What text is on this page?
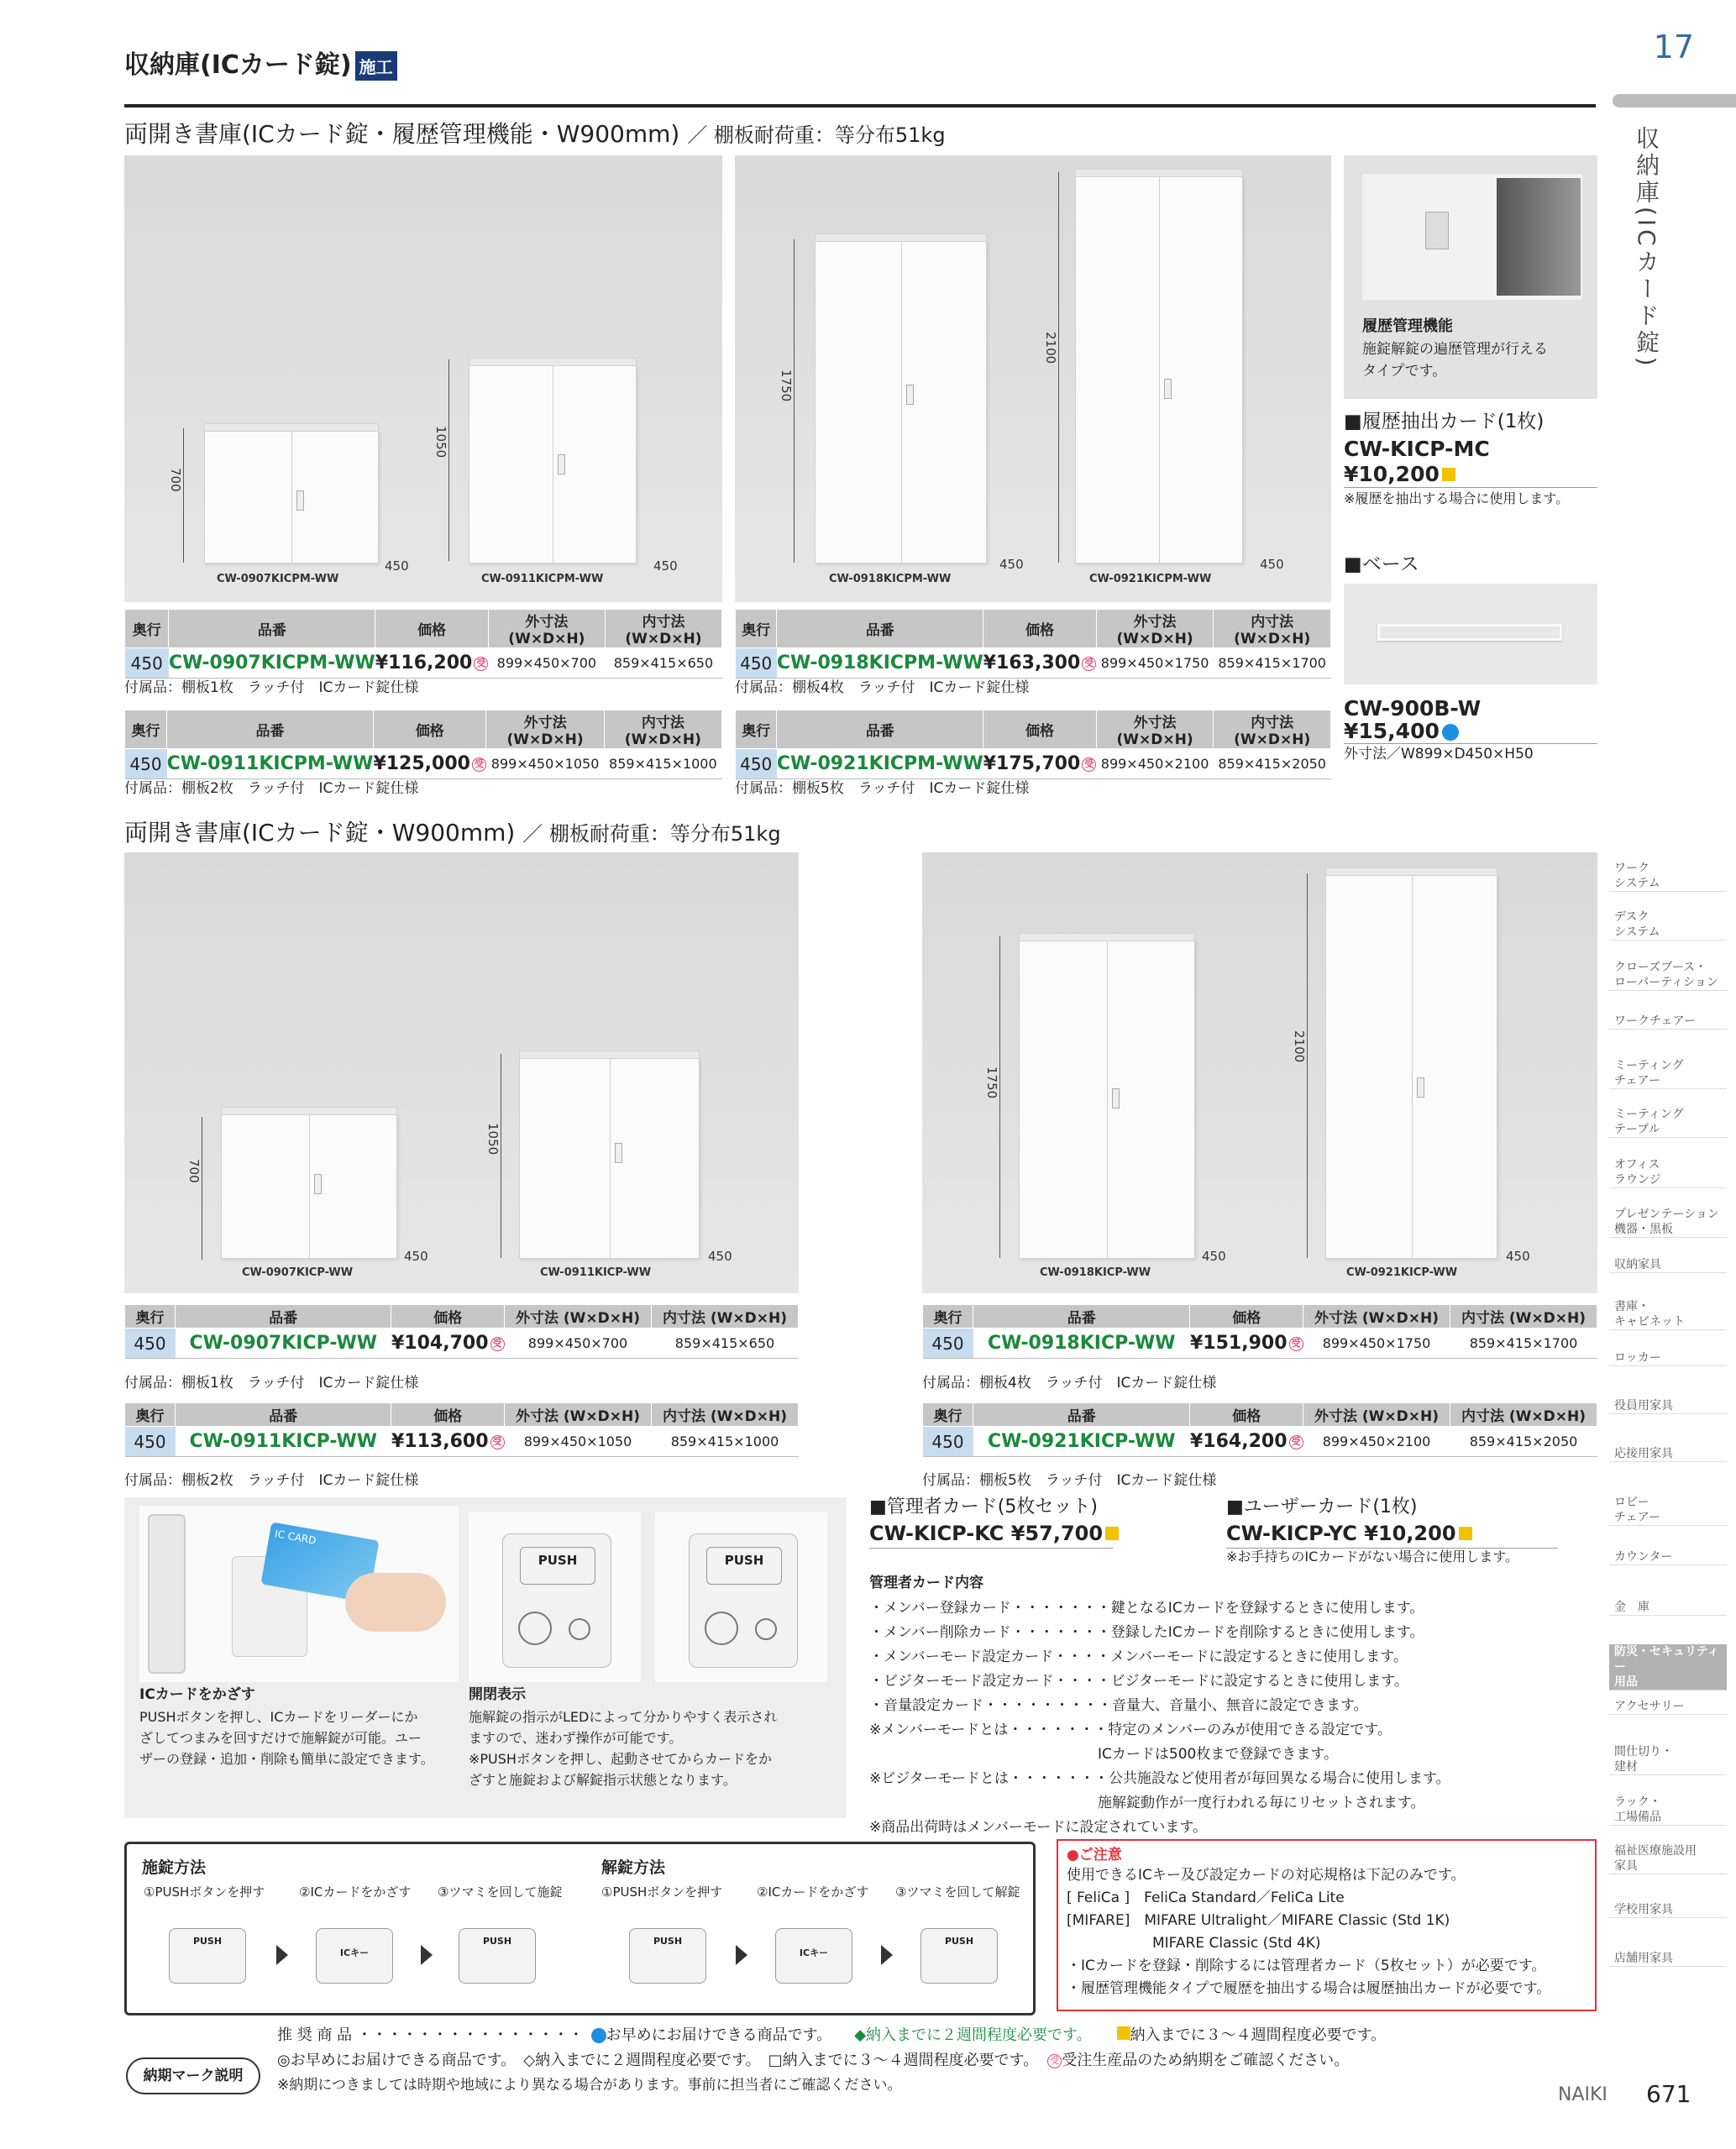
収納庫(ICカード錠) 施工
17
収納庫(ICカード錠)
ワーク
システム
デスク
システム
クローズブース・
ローパーティション
ワークチェアー
ミーティング
チェアー
ミーティング
テーブル
オフィス
ラウンジ
プレゼンテーション
機器・黒板
収納家具
書庫・
キャビネット
ロッカー
役員用家具
応接用家具
ロビー
チェアー
カウンター
金　庫
防災・セキュリティー
用品
アクセサリー
間仕切り・
建材
ラック・
工場備品
福祉医療施設用
家具
学校用家具
店舗用家具
両開き書庫(ICカード錠・履歴管理機能・W900mm) ／ 棚板耐荷重：等分布51kg
700
450
CW-0907KICPM-WW
1050
450
CW-0911KICPM-WW
1750
450
CW-0918KICPM-WW
2100
450
CW-0921KICPM-WW
奥行	品番	価格	外寸法 (W×D×H)	内寸法 (W×D×H)
450	CW-0907KICPM-WW	¥116,200 受	899×450×700	859×415×650
付属品：棚板1枚　ラッチ付　ICカード錠仕様
奥行	品番	価格	外寸法 (W×D×H)	内寸法 (W×D×H)
450	CW-0911KICPM-WW	¥125,000 受	899×450×1050	859×415×1000
付属品：棚板2枚　ラッチ付　ICカード錠仕様
奥行	品番	価格	外寸法 (W×D×H)	内寸法 (W×D×H)
450	CW-0918KICPM-WW	¥163,300 受	899×450×1750	859×415×1700
付属品：棚板4枚　ラッチ付　ICカード錠仕様
奥行	品番	価格	外寸法 (W×D×H)	内寸法 (W×D×H)
450	CW-0921KICPM-WW	¥175,700 受	899×450×2100	859×415×2050
付属品：棚板5枚　ラッチ付　ICカード錠仕様
履歴管理機能
施錠解錠の遍歴管理が行える
タイプです。
■履歴抽出カード(1枚)
CW-KICP-MC
¥10,200
※履歴を抽出する場合に使用します。
■ベース
CW-900B-W
¥15,400
外寸法／W899×D450×H50
両開き書庫(ICカード錠・W900mm) ／ 棚板耐荷重：等分布51kg
700
450
CW-0907KICP-WW
1050
450
CW-0911KICP-WW
1750
450
CW-0918KICP-WW
2100
450
CW-0921KICP-WW
奥行	品番	価格	外寸法 (W×D×H)	内寸法 (W×D×H)
450	CW-0907KICP-WW	¥104,700 受	899×450×700	859×415×650
付属品：棚板1枚　ラッチ付　ICカード錠仕様
奥行	品番	価格	外寸法 (W×D×H)	内寸法 (W×D×H)
450	CW-0911KICP-WW	¥113,600 受	899×450×1050	859×415×1000
付属品：棚板2枚　ラッチ付　ICカード錠仕様
奥行	品番	価格	外寸法 (W×D×H)	内寸法 (W×D×H)
450	CW-0918KICP-WW	¥151,900 受	899×450×1750	859×415×1700
付属品：棚板4枚　ラッチ付　ICカード錠仕様
奥行	品番	価格	外寸法 (W×D×H)	内寸法 (W×D×H)
450	CW-0921KICP-WW	¥164,200 受	899×450×2100	859×415×2050
付属品：棚板5枚　ラッチ付　ICカード錠仕様
IC CARD
PUSH	PUSH
ICカードをかざす
PUSHボタンを押し、ICカードをリーダーにか
ざしてつまみを回すだけで施解錠が可能。ユー
ザーの登録・追加・削除も簡単に設定できます。
開閉表示
施解錠の指示がLEDによって分かりやすく表示され
ますので、迷わず操作が可能です。
※PUSHボタンを押し、起動させてからカードをか
ざすと施錠および解錠指示状態となります。
■管理者カード(5枚セット)
CW-KICP-KC ¥57,700
■ユーザーカード(1枚)
CW-KICP-YC ¥10,200
※お手持ちのICカードがない場合に使用します。
管理者カード内容
・メンバー登録カード・・・・・・・鍵となるICカードを登録するときに使用します。
・メンバー削除カード・・・・・・・登録したICカードを削除するときに使用します。
・メンバーモード設定カード・・・・メンバーモードに設定するときに使用します。
・ビジターモード設定カード・・・・ビジターモードに設定するときに使用します。
・音量設定カード・・・・・・・・・音量大、音量小、無音に設定できます。
※メンバーモードとは・・・・・・・特定のメンバーのみが使用できる設定です。
　　　　　　　　　　　　　　　　ICカードは500枚まで登録できます。
※ビジターモードとは・・・・・・・公共施設など使用者が毎回異なる場合に使用します。
　　　　　　　　　　　　　　　　施解錠動作が一度行われる毎にリセットされます。
※商品出荷時はメンバーモードに設定されています。
施錠方法
①PUSHボタンを押す	②ICカードをかざす ③ツマミを回して施錠
PUSH
ICキー
PUSH
解錠方法
①PUSHボタンを押す	②ICカードをかざす ③ツマミを回して解錠
PUSH
ICキー
PUSH
●ご注意
使用できるICキー及び設定カードの対応規格は下記のみです。
[ FeliCa ]　FeliCa Standard／FeliCa Lite
[MIFARE]　MIFARE Ultralight／MIFARE Classic (Std 1K)
　　　　　　MIFARE Classic (Std 4K)
・ICカードを登録・削除するには管理者カード（5枚セット）が必要です。
・履歴管理機能タイプで履歴を抽出する場合は履歴抽出カードが必要です。
納期マーク説明
推 奨 商 品 ・・・・・・・・・・・・・・・ お早めにお届けできる商品です。　　 ◆納入までに２週間程度必要です。　　	納入までに３～４週間程度必要です。
◎お早めにお届けできる商品です。　 ◇納入までに２週間程度必要です。　 □納入までに３～４週間程度必要です。　 受 受注生産品のため納期をご確認ください。
※納期につきましては時期や地域により異なる場合があります。事前に担当者にご確認ください。	NAIKI 671
